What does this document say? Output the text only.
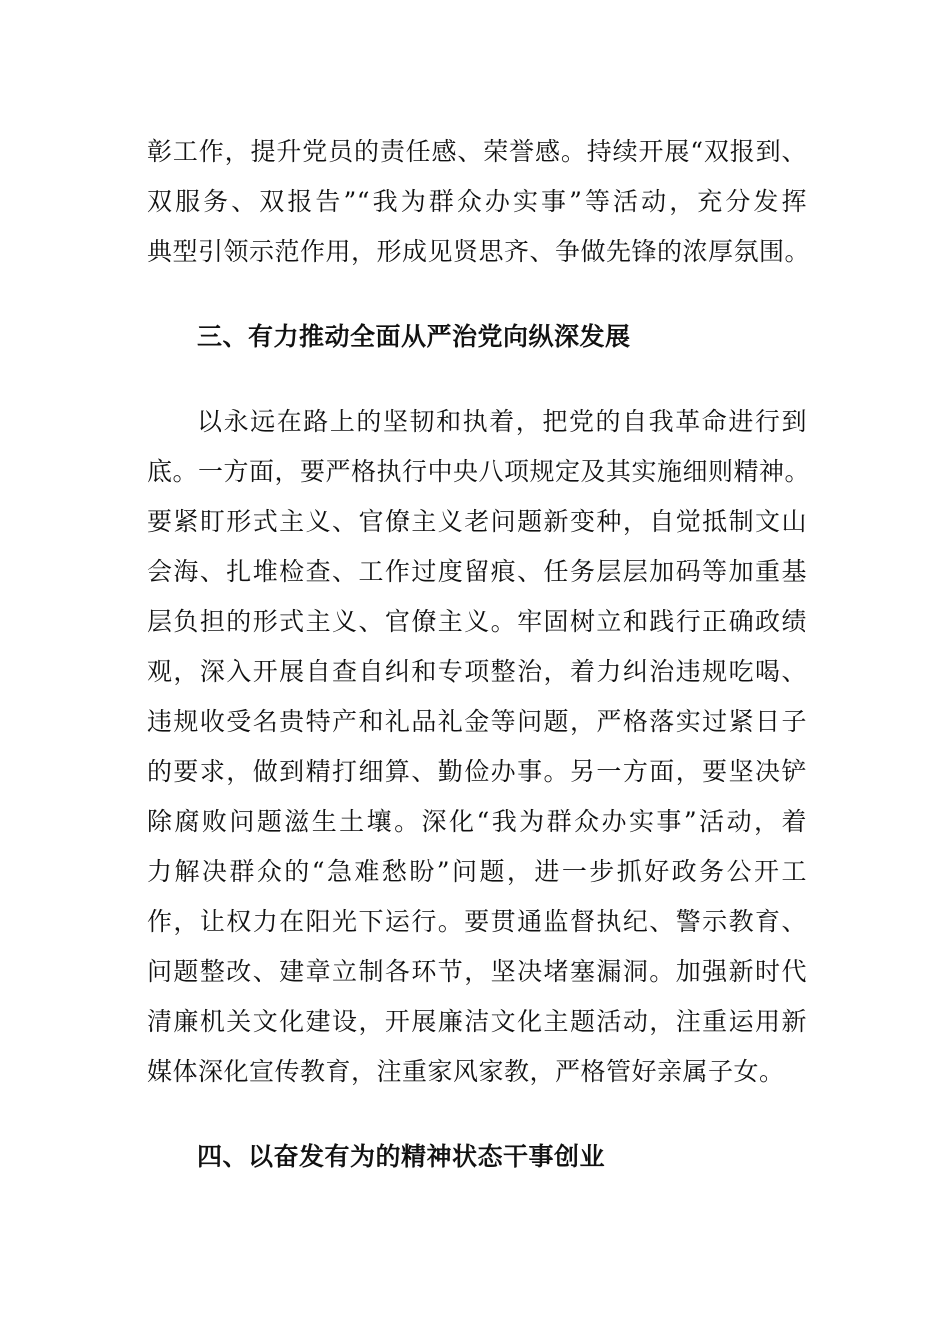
彰工作，提升党员的责任感、荣誉感。持续开展“双报到、
双服务、双报告”“我为群众办实事”等活动，充分发挥
典型引领示范作用，形成见贤思齐、争做先锋的浓厚氛围。
三、有力推动全面从严治党向纵深发展
以永远在路上的坚韧和执着，把党的自我革命进行到
底。一方面，要严格执行中央八项规定及其实施细则精神。
要紧盯形式主义、官僚主义老问题新变种，自觉抵制文山
会海、扎堆检查、工作过度留痕、任务层层加码等加重基
层负担的形式主义、官僚主义。牢固树立和践行正确政绩
观，深入开展自查自纠和专项整治，着力纠治违规吃喝、
违规收受名贵特产和礼品礼金等问题，严格落实过紧日子
的要求，做到精打细算、勤俭办事。另一方面，要坚决铲
除腐败问题滋生土壤。深化“我为群众办实事”活动，着
力解决群众的“急难愁盼”问题，进一步抓好政务公开工
作，让权力在阳光下运行。要贯通监督执纪、警示教育、
问题整改、建章立制各环节，坚决堵塞漏洞。加强新时代
清廉机关文化建设，开展廉洁文化主题活动，注重运用新
媒体深化宣传教育，注重家风家教，严格管好亲属子女。
四、以奋发有为的精神状态干事创业
